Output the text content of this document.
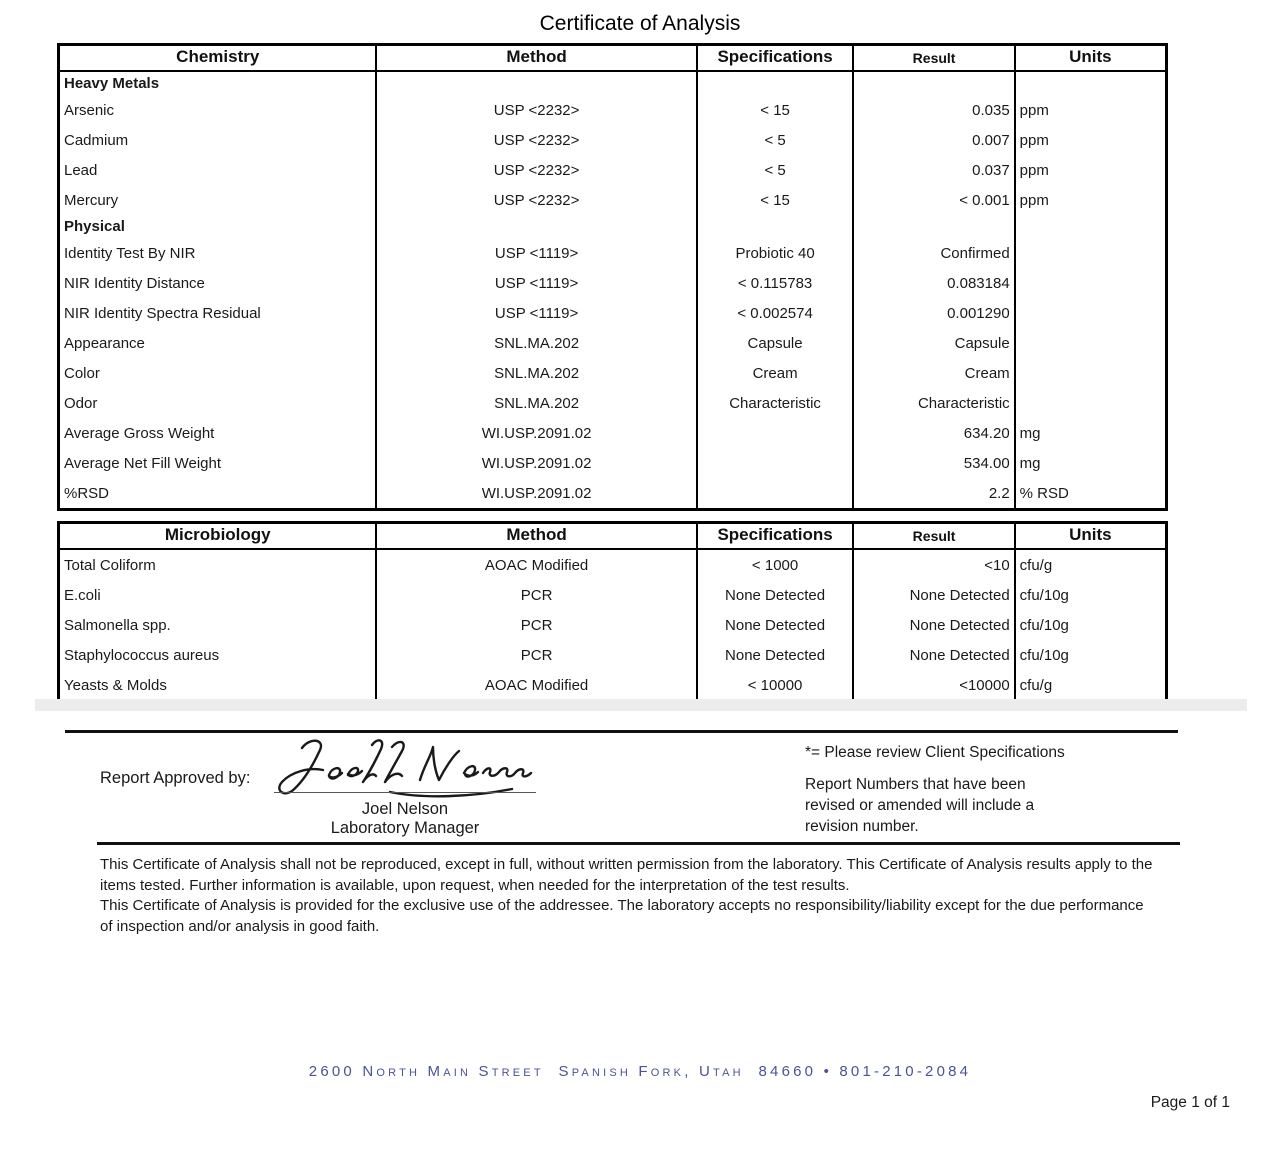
Certificate of Analysis
Chemistry	Method	Specifications	Result	Units
Heavy Metals				
Arsenic	USP <2232>	< 15	0.035	ppm
Cadmium	USP <2232>	< 5	0.007	ppm
Lead	USP <2232>	< 5	0.037	ppm
Mercury	USP <2232>	< 15	< 0.001	ppm
Physical				
Identity Test By NIR	USP <1119>	Probiotic 40	Confirmed	
NIR Identity Distance	USP <1119>	< 0.115783	0.083184	
NIR Identity Spectra Residual	USP <1119>	< 0.002574	0.001290	
Appearance	SNL.MA.202	Capsule	Capsule	
Color	SNL.MA.202	Cream	Cream	
Odor	SNL.MA.202	Characteristic	Characteristic	
Average Gross Weight	WI.USP.2091.02		634.20	mg
Average Net Fill Weight	WI.USP.2091.02		534.00	mg
%RSD	WI.USP.2091.02		2.2	% RSD
Microbiology	Method	Specifications	Result	Units
Total Coliform	AOAC Modified	< 1000	<10	cfu/g
E.coli	PCR	None Detected	None Detected	cfu/10g
Salmonella spp.	PCR	None Detected	None Detected	cfu/10g
Staphylococcus aureus	PCR	None Detected	None Detected	cfu/10g
Yeasts & Molds	AOAC Modified	< 10000	<10000	cfu/g
Report Approved by:
Joel Nelson
Laboratory Manager
*= Please review Client Specifications
Report Numbers that have been revised or amended will include a revision number.

This Certificate of Analysis shall not be reproduced, except in full, without written permission from the laboratory. This Certificate of Analysis results apply to the items tested. Further information is available, upon request, when needed for the interpretation of the test results.

This Certificate of Analysis is provided for the exclusive use of the addressee. The laboratory accepts no responsibility/liability except for the due performance of inspection and/or analysis in good faith.

2600 North Main Street  Spanish Fork, Utah  84660 • 801-210-2084
Page 1 of 1
